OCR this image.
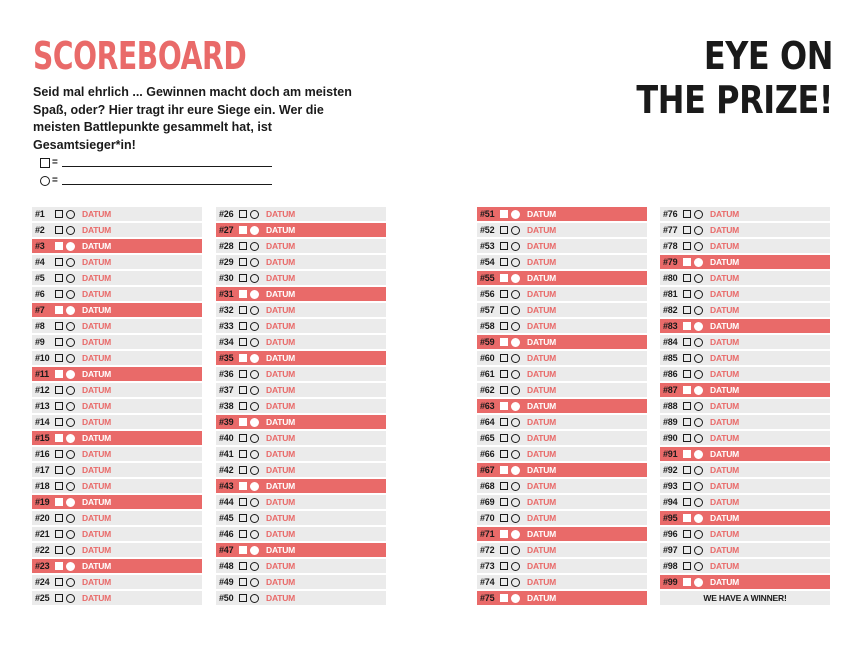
SCOREBOARD

Seid mal ehrlich ... Gewinnen macht doch am meisten Spaß, oder? Hier tragt ihr eure Siege ein. Wer die meisten Battlepunkte gesammelt hat, ist Gesamtsieger*in!

EYE ON
THE PRIZE!
=
=
#1	DATUM
#2	DATUM
#3	DATUM
#4	DATUM
#5	DATUM
#6	DATUM
#7	DATUM
#8	DATUM
#9	DATUM
#10	DATUM
#11	DATUM
#12	DATUM
#13	DATUM
#14	DATUM
#15	DATUM
#16	DATUM
#17	DATUM
#18	DATUM
#19	DATUM
#20	DATUM
#21	DATUM
#22	DATUM
#23	DATUM
#24	DATUM
#25	DATUM
#26	DATUM
#27	DATUM
#28	DATUM
#29	DATUM
#30	DATUM
#31	DATUM
#32	DATUM
#33	DATUM
#34	DATUM
#35	DATUM
#36	DATUM
#37	DATUM
#38	DATUM
#39	DATUM
#40	DATUM
#41	DATUM
#42	DATUM
#43	DATUM
#44	DATUM
#45	DATUM
#46	DATUM
#47	DATUM
#48	DATUM
#49	DATUM
#50	DATUM
#51	DATUM
#52	DATUM
#53	DATUM
#54	DATUM
#55	DATUM
#56	DATUM
#57	DATUM
#58	DATUM
#59	DATUM
#60	DATUM
#61	DATUM
#62	DATUM
#63	DATUM
#64	DATUM
#65	DATUM
#66	DATUM
#67	DATUM
#68	DATUM
#69	DATUM
#70	DATUM
#71	DATUM
#72	DATUM
#73	DATUM
#74	DATUM
#75	DATUM
#76	DATUM
#77	DATUM
#78	DATUM
#79	DATUM
#80	DATUM
#81	DATUM
#82	DATUM
#83	DATUM
#84	DATUM
#85	DATUM
#86	DATUM
#87	DATUM
#88	DATUM
#89	DATUM
#90	DATUM
#91	DATUM
#92	DATUM
#93	DATUM
#94	DATUM
#95	DATUM
#96	DATUM
#97	DATUM
#98	DATUM
#99	DATUM
WE HAVE A WINNER!
